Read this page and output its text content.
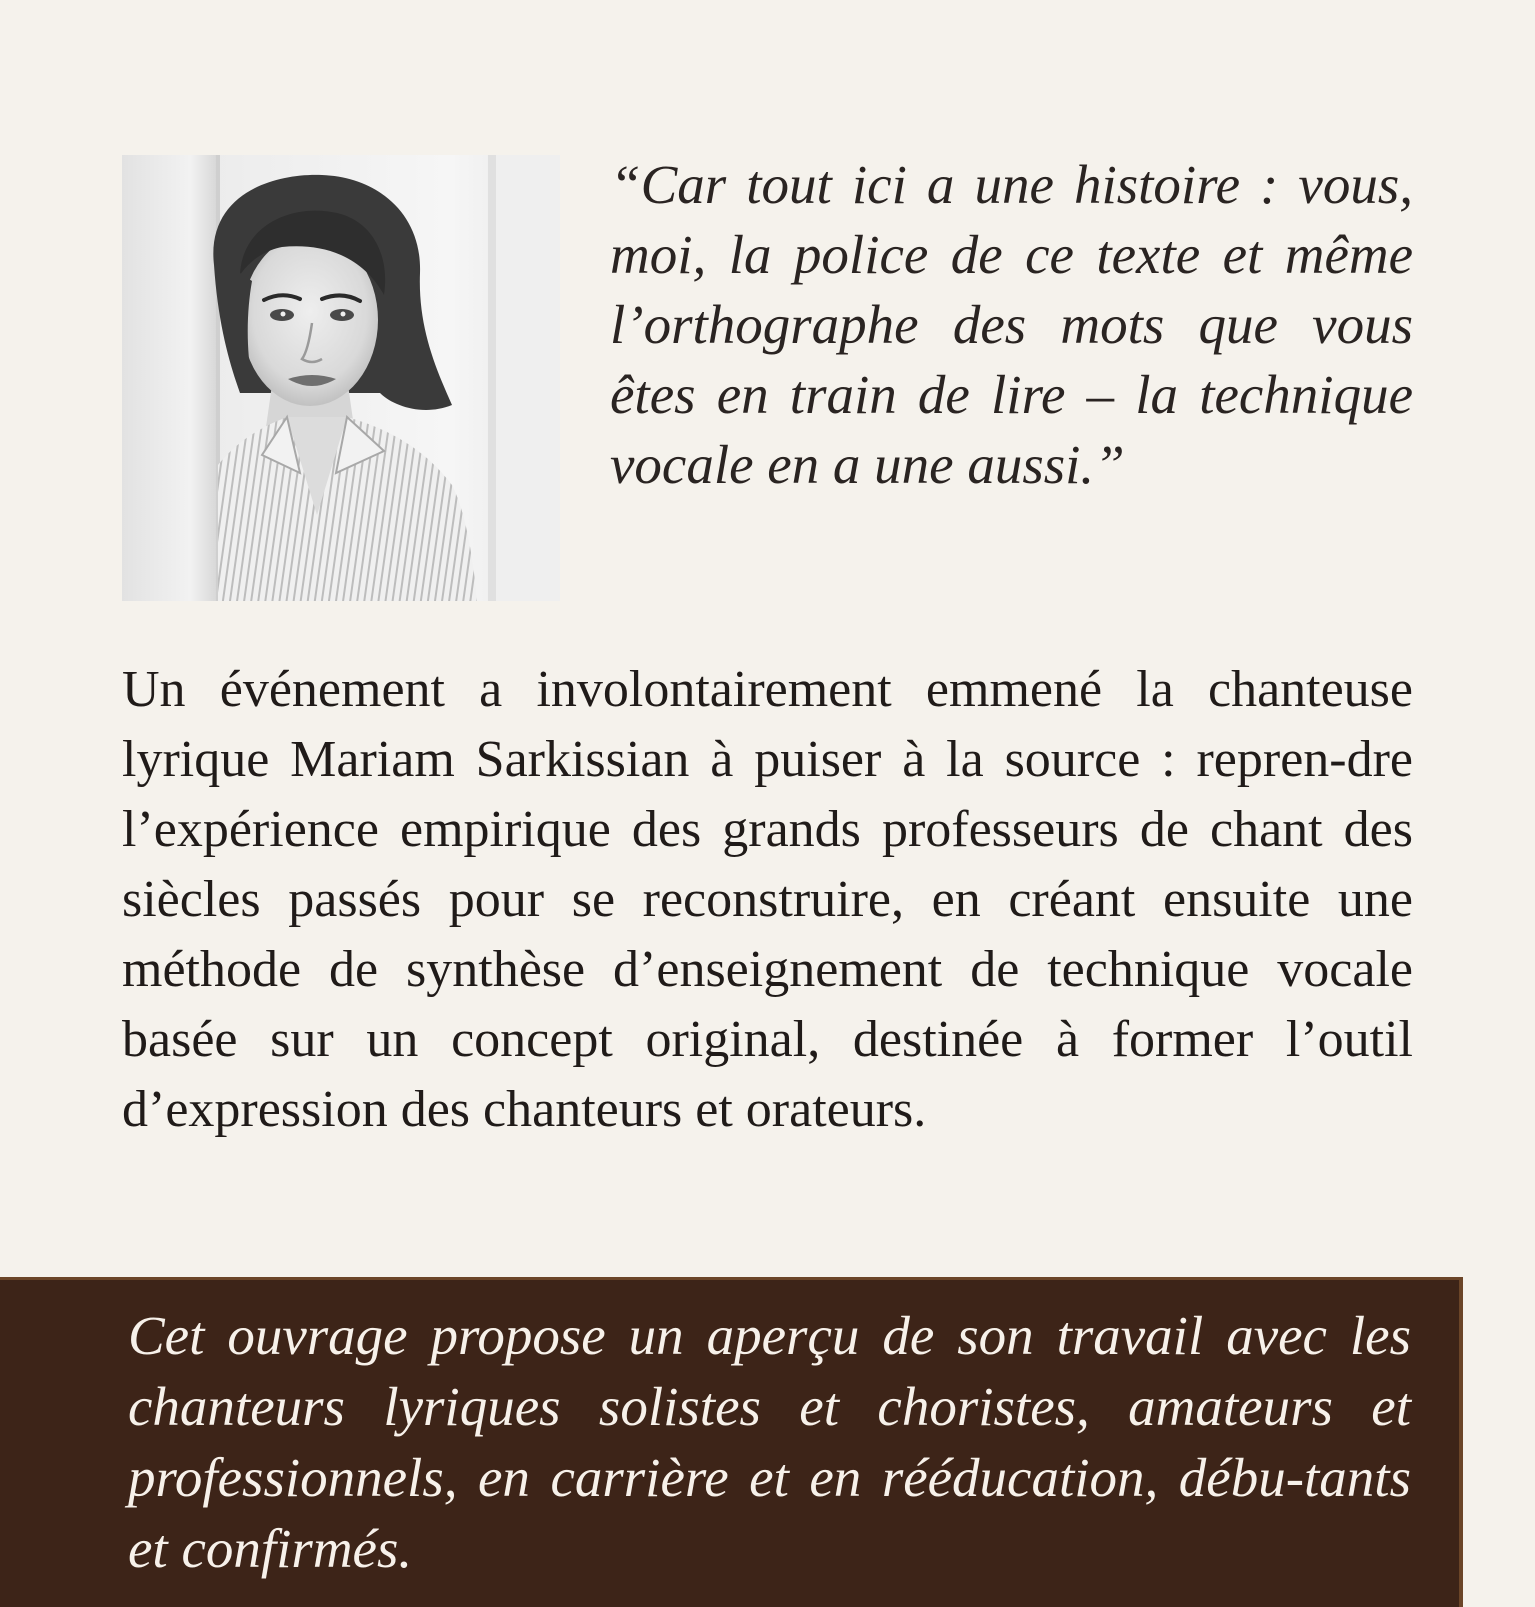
“Car tout ici a une histoire : vous, moi, la police de ce texte et même l’orthographe des mots que vous êtes en train de lire – la technique vocale en a une aussi.”

Un événement a involontairement emmené la chanteuse lyrique Mariam Sarkissian à puiser à la source : repren-dre l’expérience empirique des grands professeurs de chant des siècles passés pour se reconstruire, en créant ensuite une méthode de synthèse d’enseignement de technique vocale basée sur un concept original, destinée à former l’outil d’expression des chanteurs et orateurs.

Cet ouvrage propose un aperçu de son travail avec les chanteurs lyriques solistes et choristes, amateurs et professionnels, en carrière et en rééducation, débu-tants et confirmés.
